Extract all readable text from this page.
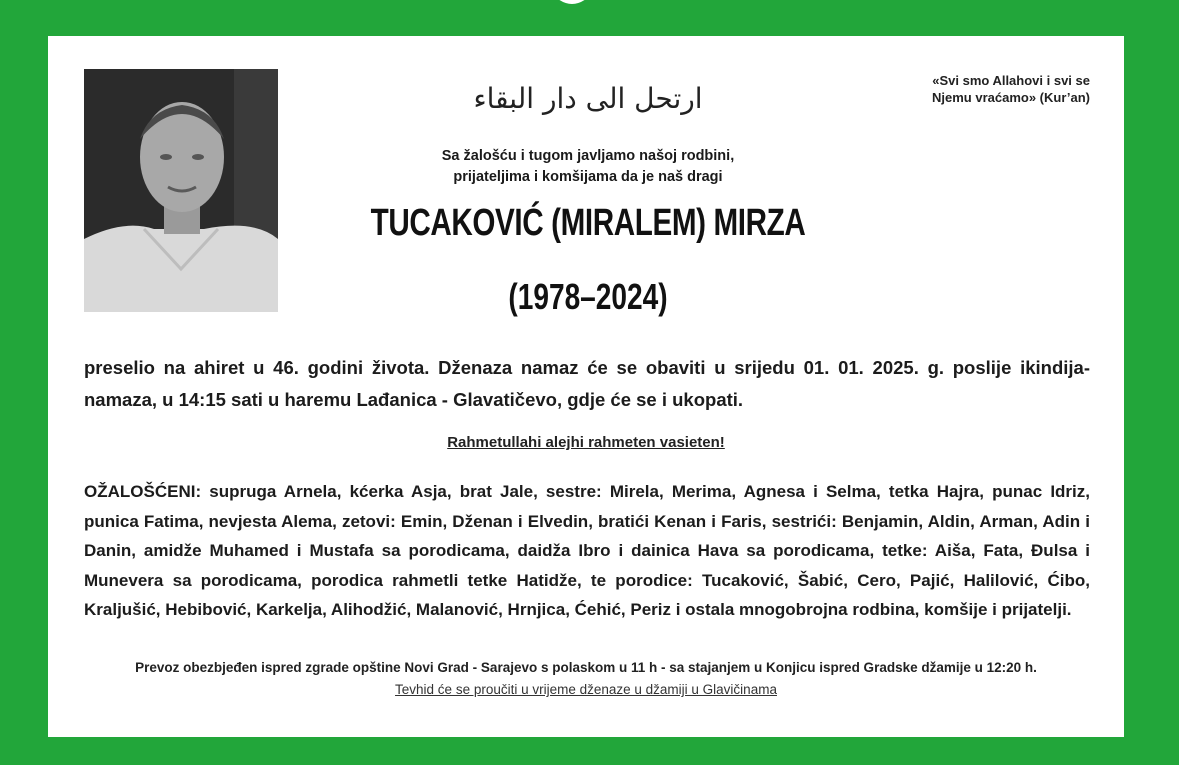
ارتحل الى دار البقاء
«Svi smo Allahovi i svi se
Njemu vraćamo» (Kur’an)
Sa žalošću i tugom javljamo našoj rodbini,
prijateljima i komšijama da je naš dragi
TUCAKOVIĆ (MIRALEM) MIRZA
(1978–2024)
preselio na ahiret u 46. godini života. Dženaza namaz će se obaviti u srijedu 01. 01. 2025. g. poslije ikindija-namaza, u 14:15 sati u haremu Lađanica - Glavatičevo, gdje će se i ukopati.
Rahmetullahi alejhi rahmeten vasieten!
OŽALOŠĆENI: supruga Arnela, kćerka Asja, brat Jale, sestre: Mirela, Merima, Agnesa i Selma, tetka Hajra, punac Idriz, punica Fatima, nevjesta Alema, zetovi: Emin, Dženan i Elvedin, bratići Kenan i Faris, sestrići: Benjamin, Aldin, Arman, Adin i Danin, amidže Muhamed i Mustafa sa porodicama, daidža Ibro i dainica Hava sa porodicama, tetke: Aiša, Fata, Đulsa i Munevera sa porodicama, porodica rahmetli tetke Hatidže, te porodice: Tucaković, Šabić, Cero, Pajić, Halilović, Ćibo, Kraljušić, Hebibović, Karkelja, Alihodžić, Malanović, Hrnjica, Ćehić, Periz i ostala mnogobrojna rodbina, komšije i prijatelji.
Prevoz obezbjeđen ispred zgrade opštine Novi Grad - Sarajevo s polaskom u 11 h - sa stajanjem u Konjicu ispred Gradske džamije u 12:20 h.
Tevhid će se proučiti u vrijeme dženaze u džamiji u Glavičinama
